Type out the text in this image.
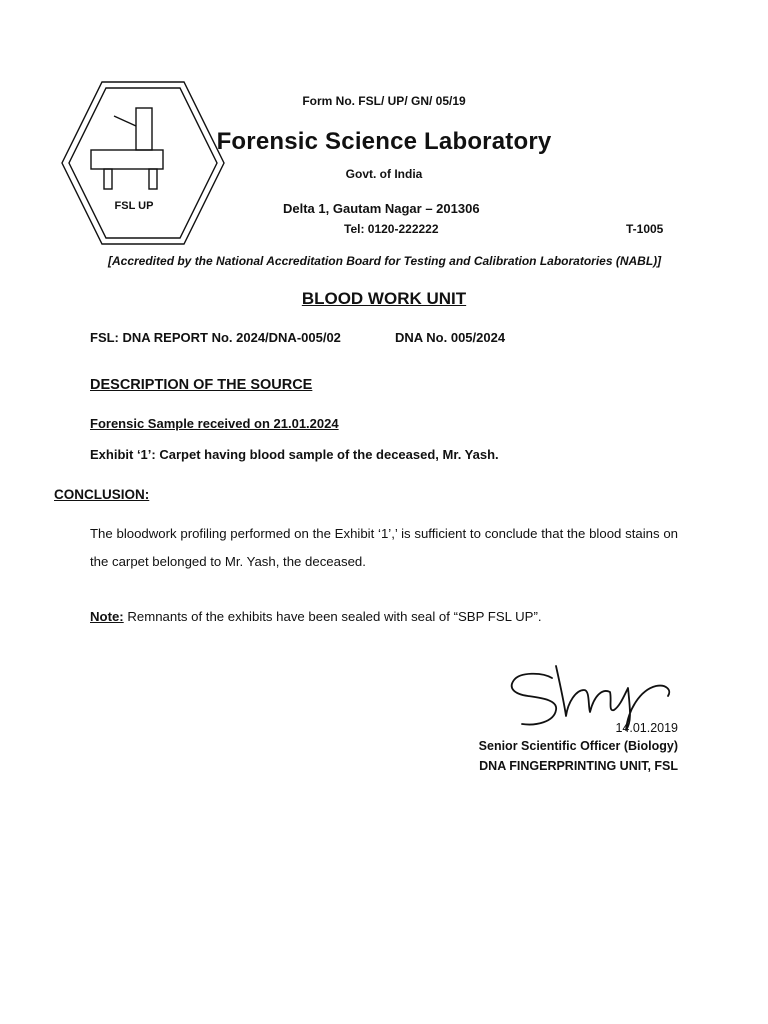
FSL UP
Form No. FSL/ UP/ GN/ 05/19
Forensic Science Laboratory
Govt. of India
Delta 1, Gautam Nagar – 201306
Tel: 0120-222222	T-1005
[Accredited by the National Accreditation Board for Testing and Calibration Laboratories (NABL)]
BLOOD WORK UNIT
FSL: DNA REPORT No. 2024/DNA-005/02	DNA No. 005/2024
DESCRIPTION OF THE SOURCE
Forensic Sample received on 21.01.2024
Exhibit ‘1’: Carpet having blood sample of the deceased, Mr. Yash.
CONCLUSION:
The bloodwork profiling performed on the Exhibit ‘1’,’ is sufficient to conclude that the blood stains on the carpet belonged to Mr. Yash, the deceased.
Note: Remnants of the exhibits have been sealed with seal of “SBP FSL UP”.
14.01.2019
Senior Scientific Officer (Biology)
DNA FINGERPRINTING UNIT, FSL
